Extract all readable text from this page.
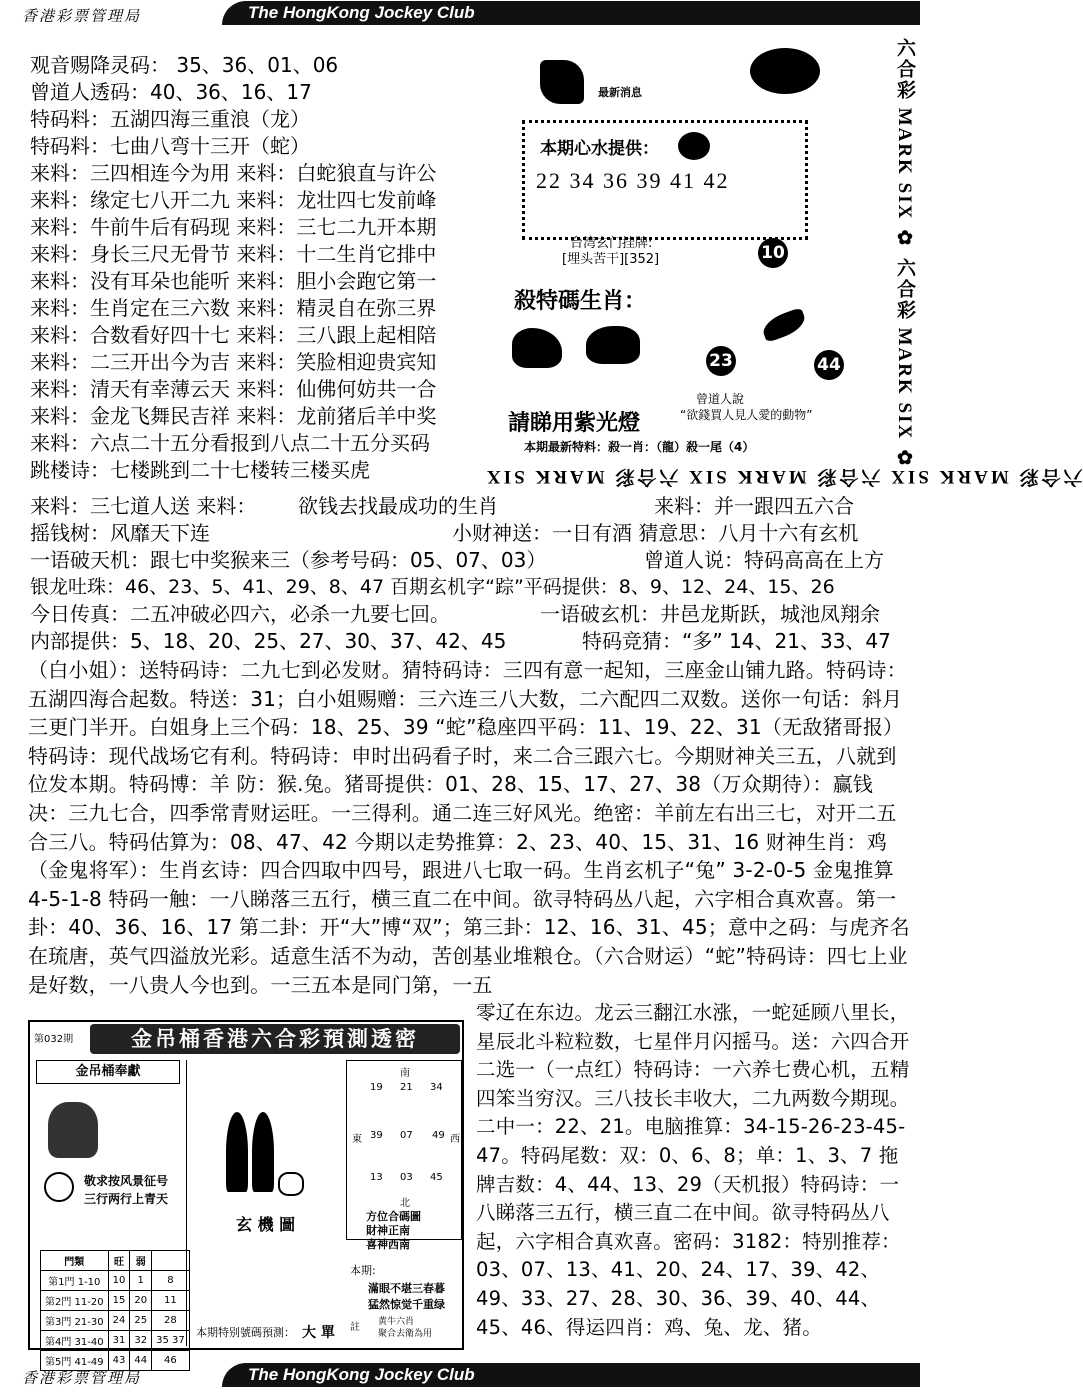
香港彩票管理局	The HongKong Jockey Club
观音赐降灵码： 35、36、01、06
曾道人透码：40、36、16、17
特码料：五湖四海三重浪（龙）
特码料：七曲八弯十三开（蛇）
来料：三四相连今为用 来料：白蛇狼直与许公
来料：缘定七八开二九 来料：龙壮四七发前峰
来料：牛前牛后有码现 来料：三七二九开本期
来料：身长三尺无骨节 来料：十二生肖它排中
来料：没有耳朵也能听 来料：胆小会跑它第一
来料：生肖定在三六数 来料：精灵自在弥三界
来料：合数看好四十七 来料：三八跟上起相陪
来料：二三开出今为吉 来料：笑脸相迎贵宾知
来料：清天有幸薄云天 来料：仙佛何妨共一合
来料：金龙飞舞民吉祥 来料：龙前猪后羊中奖
来料：六点二十五分看报到八点二十五分买码
跳楼诗：七楼跳到二十七楼转三楼买虎
最新消息
本期心水提供：
22 34 36 39 41 42
台湾玄门挂牌:
[埋头苦干][352]	10
殺特碼生肖：
23	44
曾道人說
“欲錢買人見人愛的動物”
請睇用紫光燈
本期最新特料：殺一肖：（龍）殺一尾（4）	六合彩 MARK SIX ✿ 六合彩 MARK SIX ✿
六合彩 MARK SIX 六合彩 MARK SIX 六合彩 MARK SIX
来料：三七道人送 来料： 欲钱去找最成功的生肖	来料：并一跟四五六合
摇钱树：风靡天下连	小财神送：一日有酒 猜意思：八月十六有玄机
一语破天机：跟七中奖猴来三（参考号码：05、07、03）	曾道人说：特码高高在上方
银龙吐珠：46、23、5、41、29、8、47 百期玄机字“踪”平码提供：8、9、12、24、15、26
今日传真：二五冲破必四六，必杀一九要七回。	一语破玄机：井邑龙斯跃，城池凤翔余
内部提供：5、18、20、25、27、30、37、42、45	特码竞猜：“多” 14、21、33、47
（白小姐）：送特码诗：二九七到必发财。猜特码诗：三四有意一起知，三座金山铺九路。特码诗：五湖四海合起数。特送：31；白小姐赐赠：三六连三八大数，二六配四二双数。送你一句话：斜月三更门半开。白姐身上三个码：18、25、39 “蛇”稳座四平码：11、19、22、31（无敌猪哥报）特码诗：现代战场它有利。特码诗：申时出码看子时，来二合三跟六七。今期财神关三五，八就到位发本期。特码博：羊 防：猴.兔。猪哥提供：01、28、15、17、27、38（万众期待）：赢钱决：三九七合，四季常青财运旺。一三得利。通二连三好风光。绝密：羊前左右出三七，对开二五合三八。特码估算为：08、47、42 今期以走势推算：2、23、40、15、31、16 财神生肖：鸡（金鬼将军）：生肖玄诗：四合四取中四号，跟进八七取一码。生肖玄机子“兔” 3-2-0-5 金鬼推算 4-5-1-8 特码一触：一八睇落三五行，横三直二在中间。欲寻特码丛八起，六字相合真欢喜。第一卦：40、36、16、17 第二卦：开“大”博“双”；第三卦：12、16、31、45；意中之码：与虎齐名在琉唐，英气四溢放光彩。适意生活不为动，苦创基业堆粮仓。（六合财运）“蛇”特码诗：四七上业是好数，一八贵人今也到。一三五本是同门第，一五
零辽在东边。龙云三翻江水涨，一蛇延顾八里长，星辰北斗粒粒数，七星伴月闪摇马。送：六四合开二选一（一点红）特码诗：一六养七费心机，五精四笨当穷汉。三八技长丰收大，二九两数今期现。二中一：22、21。电脑推算：34-15-26-23-45-47。特码尾数：双：0、6、8；单：1、3、7 拖牌吉数：4、44、13、29（天机报）特码诗：一八睇落三五行，横三直二在中间。欲寻特码丛八起，六字相合真欢喜。密码：3182：特别推荐：03、07、13、41、20、24、17、39、42、49、33、27、28、30、36、39、40、44、45、46、得运四肖：鸡、兔、龙、猪。
第032期	金吊桶香港六合彩預測透密
金吊桶奉獻
敬求按风景征号
三行两行上青天
門類	旺	弱	
第1門 1-10	10	1	8
第2門 11-20	15	20	11
第3門 21-30	24	25	28
第4門 31-40	31	32	35 37
第5門 41-49	43	44	46
玄 機 圖
南
東	西
北
19 21 34
39 07 49
13 03 45
方位合碼圖
財神正南
喜神西南
本期:
滿眼不堪三春暮
猛然惊觉千重绿
註 黄牛六肖
聚合去衛為用
本期特别號碼預測： 大 單
香港彩票管理局	The HongKong Jockey Club
